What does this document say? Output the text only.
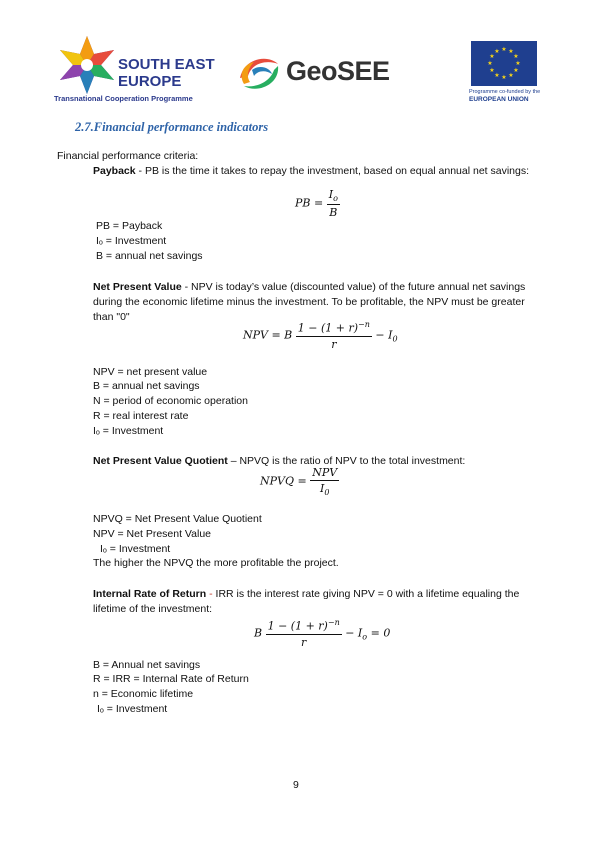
SOUTH EAST
EUROPE
Transnational Cooperation Programme
GeoSEE
★ ★
★
★
★
★
★
★
★
★
★
★
Programme co-funded by the
EUROPEAN UNION
2.7.Financial performance indicators
Financial performance criteria:
Payback - PB is the time it takes to repay the investment, based on equal annual net savings:
PB = $\frac{I_o}{B}$
PB = Payback
Iₒ = Investment
B = annual net savings
Net Present Value - NPV is today’s value (discounted value) of the future annual net savings during the economic lifetime minus the investment. To be profitable, the NPV must be greater than "0"
NPV = B $\frac{1 - (1 + r)^{-n}}{r} - I_0$
NPV = net present value
B = annual net savings
N = period of economic operation
R = real interest rate
Iₒ = Investment
Net Present Value Quotient – NPVQ is the ratio of NPV to the total investment:
NPVQ = $\frac{\text{NPV}}{I_0}$
NPVQ = Net Present Value Quotient
NPV = Net Present Value
Iₒ = Investment
The higher the NPVQ the more profitable the project.
Internal Rate of Return - IRR is the interest rate giving NPV = 0 with a lifetime equaling the lifetime of the investment:
B $\frac{1 - (1 + r)^{-n}}{r} - I_o = 0$
B = Annual net savings
R = IRR = Internal Rate of Return
n = Economic lifetime
Iₒ = Investment
9
